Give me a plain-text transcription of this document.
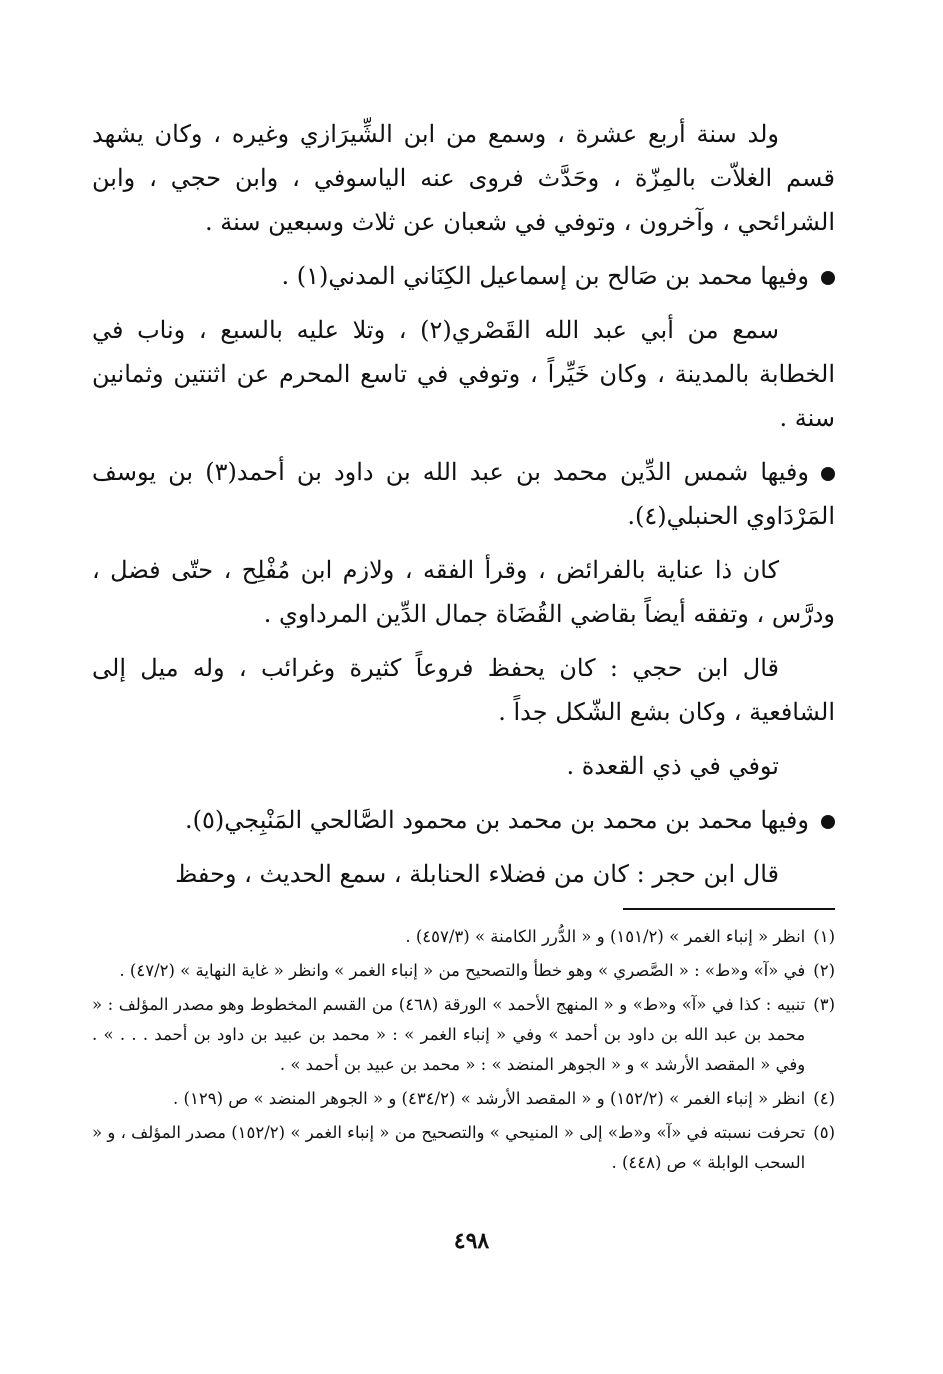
ولد سنة أربع عشرة ، وسمع من ابن الشِّيرَازي وغيره ، وكان يشهد قسم الغلاّت بالمِزّة ، وحَدَّث فروى عنه الياسوفي ، وابن حجي ، وابن الشرائحي ، وآخرون ، وتوفي في شعبان عن ثلاث وسبعين سنة .

وفيها محمد بن صَالح بن إسماعيل الكِنَاني المدني(١) .

سمع من أبي عبد الله القَصْري(٢) ، وتلا عليه بالسبع ، وناب في الخطابة بالمدينة ، وكان خَيِّراً ، وتوفي في تاسع المحرم عن اثنتين وثمانين سنة .

وفيها شمس الدِّين محمد بن عبد الله بن داود بن أحمد(٣) بن يوسف المَرْدَاوي الحنبلي(٤).

كان ذا عناية بالفرائض ، وقرأ الفقه ، ولازم ابن مُفْلِح ، حتّى فضل ، ودرَّس ، وتفقه أيضاً بقاضي القُضَاة جمال الدِّين المرداوي .

قال ابن حجي : كان يحفظ فروعاً كثيرة وغرائب ، وله ميل إلى الشافعية ، وكان بشع الشّكل جداً .

توفي في ذي القعدة .

وفيها محمد بن محمد بن محمد بن محمود الصَّالحي المَنْبِجي(٥).

قال ابن حجر : كان من فضلاء الحنابلة ، سمع الحديث ، وحفظ

(١)
انظر « إنباء الغمر » (١٥١/٢) و « الدُّرر الكامنة » (٤٥٧/٣) .
(٢)
في «آ» و«ط» : « الصَّصري » وهو خطأ والتصحيح من « إنباء الغمر » وانظر « غاية النهاية » (٤٧/٢) .
(٣)
تنبيه : كذا في «آ» و«ط» و « المنهج الأحمد » الورقة (٤٦٨) من القسم المخطوط وهو مصدر المؤلف : « محمد بن عبد الله بن داود بن أحمد » وفي « إنباء الغمر » : « محمد بن عبيد بن داود بن أحمد . . . » . وفي « المقصد الأرشد » و « الجوهر المنضد » : « محمد بن عبيد بن أحمد » .
(٤)
انظر « إنباء الغمر » (١٥٢/٢) و « المقصد الأرشد » (٤٣٤/٢) و « الجوهر المنضد » ص (١٢٩) .
(٥)
تحرفت نسبته في «آ» و«ط» إلى « المنيحي » والتصحيح من « إنباء الغمر » (١٥٢/٢) مصدر المؤلف ، و « السحب الوابلة » ص (٤٤٨) .
٤٩٨
